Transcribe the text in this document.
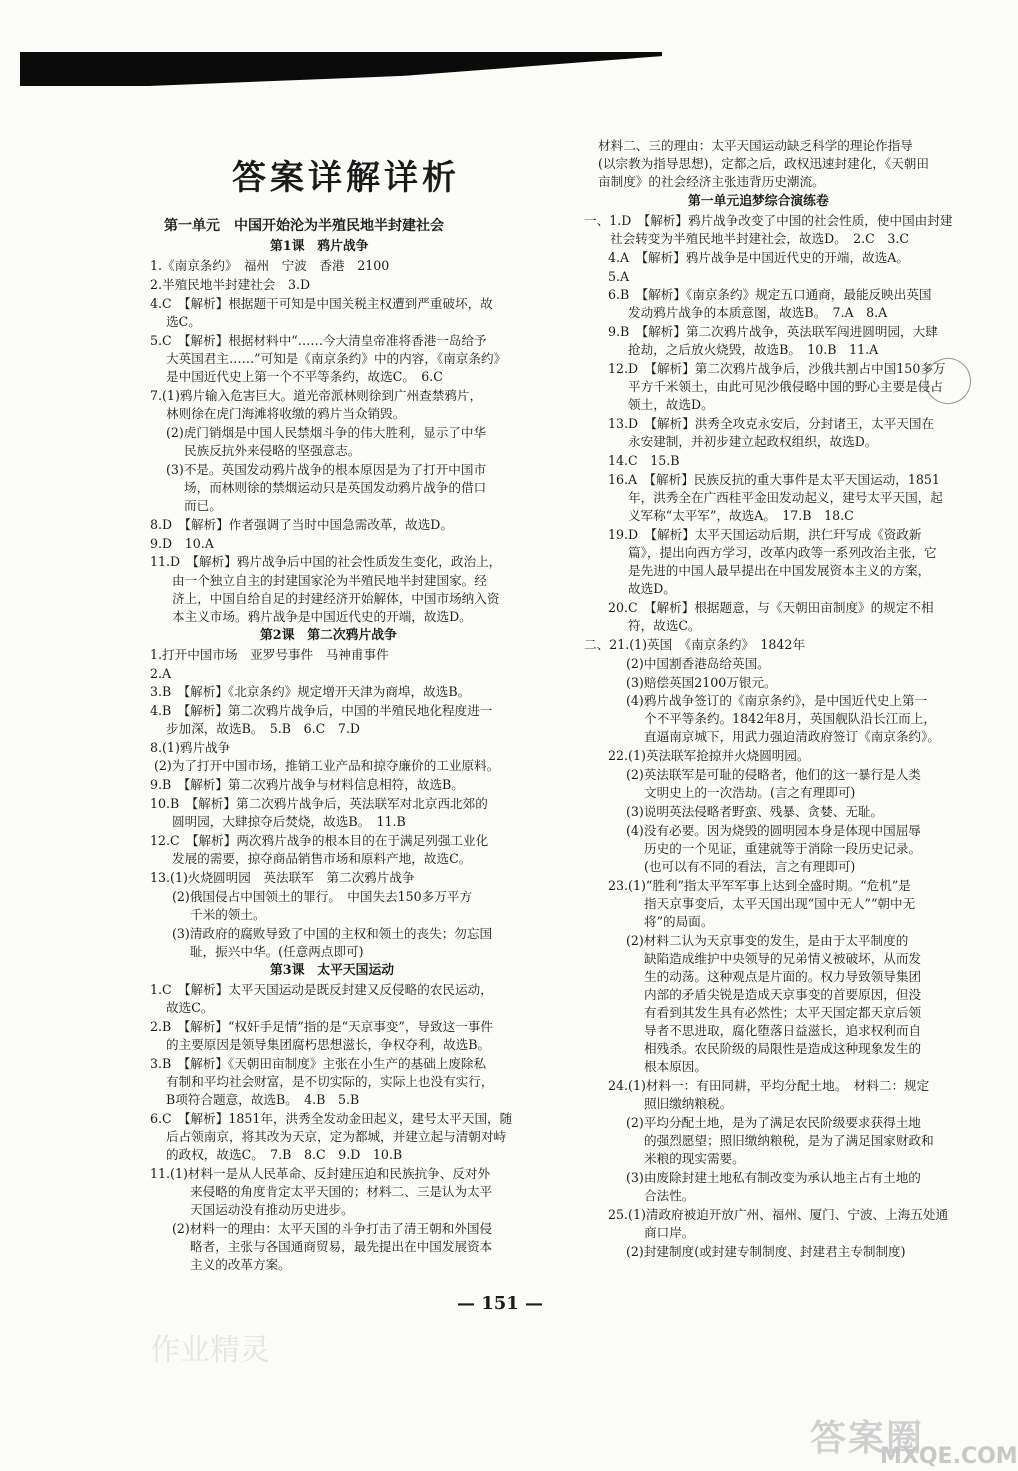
答案详解详析
第一单元　中国开始沦为半殖民地半封建社会
第1课　鸦片战争
1.《南京条约》　福州　宁波　香港　2100
2.半殖民地半封建社会　3.D
4.C　【解析】根据题干可知是中国关税主权遭到严重破坏，故
选C。
5.C　【解析】根据材料中“……今大清皇帝准将香港一岛给予
大英国君主……”可知是《南京条约》中的内容，《南京条约》
是中国近代史上第一个不平等条约，故选C。　6.C
7.(1)鸦片输入危害巨大。道光帝派林则徐到广州查禁鸦片，
林则徐在虎门海滩将收缴的鸦片当众销毁。
(2)虎门销烟是中国人民禁烟斗争的伟大胜利，显示了中华
民族反抗外来侵略的坚强意志。
(3)不是。英国发动鸦片战争的根本原因是为了打开中国市
场，而林则徐的禁烟运动只是英国发动鸦片战争的借口
而已。
8.D　【解析】作者强调了当时中国急需改革，故选D。
9.D　10.A
11.D　【解析】鸦片战争后中国的社会性质发生变化，政治上，
由一个独立自主的封建国家沦为半殖民地半封建国家。经
济上，中国自给自足的封建经济开始解体，中国市场纳入资
本主义市场。鸦片战争是中国近代史的开端，故选D。
第2课　第二次鸦片战争
1.打开中国市场　亚罗号事件　马神甫事件
2.A
3.B　【解析】《北京条约》规定增开天津为商埠，故选B。
4.B　【解析】第二次鸦片战争后，中国的半殖民地化程度进一
步加深，故选B。　5.B　6.C　7.D
8.(1)鸦片战争
(2)为了打开中国市场，推销工业产品和掠夺廉价的工业原料。
9.B　【解析】第二次鸦片战争与材料信息相符，故选B。
10.B　【解析】第二次鸦片战争后，英法联军对北京西北郊的
圆明园，大肆掠夺后焚烧，故选B。　11.B
12.C　【解析】两次鸦片战争的根本目的在于满足列强工业化
发展的需要，掠夺商品销售市场和原料产地，故选C。
13.(1)火烧圆明园　英法联军　第二次鸦片战争
(2)俄国侵占中国领土的罪行。　中国失去150多万平方
千米的领土。
(3)清政府的腐败导致了中国的主权和领土的丧失；勿忘国
耻，振兴中华。(任意两点即可)
第3课　太平天国运动
1.C　【解析】太平天国运动是既反封建又反侵略的农民运动，
故选C。
2.B　【解析】“权奸手足情”指的是“天京事变”，导致这一事件
的主要原因是领导集团腐朽思想滋长，争权夺利，故选B。
3.B　【解析】《天朝田亩制度》主张在小生产的基础上废除私
有制和平均社会财富，是不切实际的，实际上也没有实行，
B项符合题意，故选B。　4.B　5.B
6.C　【解析】1851年，洪秀全发动金田起义，建号太平天国，随
后占领南京，将其改为天京，定为都城，并建立起与清朝对峙
的政权，故选C。　7.B　8.C　9.D　10.B
11.(1)材料一是从人民革命、反封建压迫和民族抗争、反对外
来侵略的角度肯定太平天国的；材料二、三是认为太平
天国运动没有推动历史进步。
(2)材料一的理由：太平天国的斗争打击了清王朝和外国侵
略者，主张与各国通商贸易，最先提出在中国发展资本
主义的改革方案。
材料二、三的理由：太平天国运动缺乏科学的理论作指导
(以宗教为指导思想)，定都之后，政权迅速封建化，《天朝田
亩制度》的社会经济主张违背历史潮流。
第一单元追梦综合演练卷
一、1.D　【解析】鸦片战争改变了中国的社会性质，使中国由封建
社会转变为半殖民地半封建社会，故选D。　2.C　3.C
4.A　【解析】鸦片战争是中国近代史的开端，故选A。
5.A
6.B　【解析】《南京条约》规定五口通商，最能反映出英国
发动鸦片战争的本质意图，故选B。　7.A　8.A
9.B　【解析】第二次鸦片战争，英法联军闯进圆明园，大肆
抢劫，之后放火烧毁，故选B。　10.B　11.A
12.D　【解析】第二次鸦片战争后，沙俄共割占中国150多万
平方千米领土，由此可见沙俄侵略中国的野心主要是侵占
领土，故选D。
13.D　【解析】洪秀全攻克永安后，分封诸王，太平天国在
永安建制，并初步建立起政权组织，故选D。
14.C　15.B
16.A　【解析】民族反抗的重大事件是太平天国运动，1851
年，洪秀全在广西桂平金田发动起义，建号太平天国，起
义军称“太平军”，故选A。　17.B　18.C
19.D　【解析】太平天国运动后期，洪仁玕写成《资政新
篇》，提出向西方学习，改革内政等一系列改治主张，它
是先进的中国人最早提出在中国发展资本主义的方案，
故选D。
20.C　【解析】根据题意，与《天朝田亩制度》的规定不相
符，故选C。
二、21.(1)英国　《南京条约》　1842年
(2)中国割香港岛给英国。
(3)赔偿英国2100万银元。
(4)鸦片战争签订的《南京条约》，是中国近代史上第一
个不平等条约。1842年8月，英国舰队沿长江而上，
直逼南京城下，用武力强迫清政府签订《南京条约》。
22.(1)英法联军抢掠并火烧圆明园。
(2)英法联军是可耻的侵略者，他们的这一暴行是人类
文明史上的一次浩劫。(言之有理即可)
(3)说明英法侵略者野蛮、残暴、贪婪、无耻。
(4)没有必要。因为烧毁的圆明园本身是体现中国屈辱
历史的一个见证，重建就等于消除一段历史记录。
(也可以有不同的看法，言之有理即可)
23.(1)“胜利”指太平军军事上达到全盛时期。“危机”是
指天京事变后，太平天国出现“国中无人”“朝中无
将”的局面。
(2)材料二认为天京事变的发生，是由于太平制度的
缺陷造成维护中央领导的兄弟情义被破坏，从而发
生的动荡。这种观点是片面的。权力导致领导集团
内部的矛盾尖锐是造成天京事变的首要原因，但没
有看到其发生具有必然性；太平天国定都天京后领
导者不思进取，腐化堕落日益滋长，追求权利而自
相残杀。农民阶级的局限性是造成这种现象发生的
根本原因。
24.(1)材料一：有田同耕，平均分配土地。　材料二：规定
照旧缴纳粮税。
(2)平均分配土地，是为了满足农民阶级要求获得土地
的强烈愿望；照旧缴纳粮税，是为了满足国家财政和
米粮的现实需要。
(3)由废除封建土地私有制改变为承认地主占有土地的
合法性。
25.(1)清政府被迫开放广州、福州、厦门、宁波、上海五处通
商口岸。
(2)封建制度(或封建专制制度、封建君主专制制度)
— 151 —
作业精灵
答案圈
MXQE.COM
